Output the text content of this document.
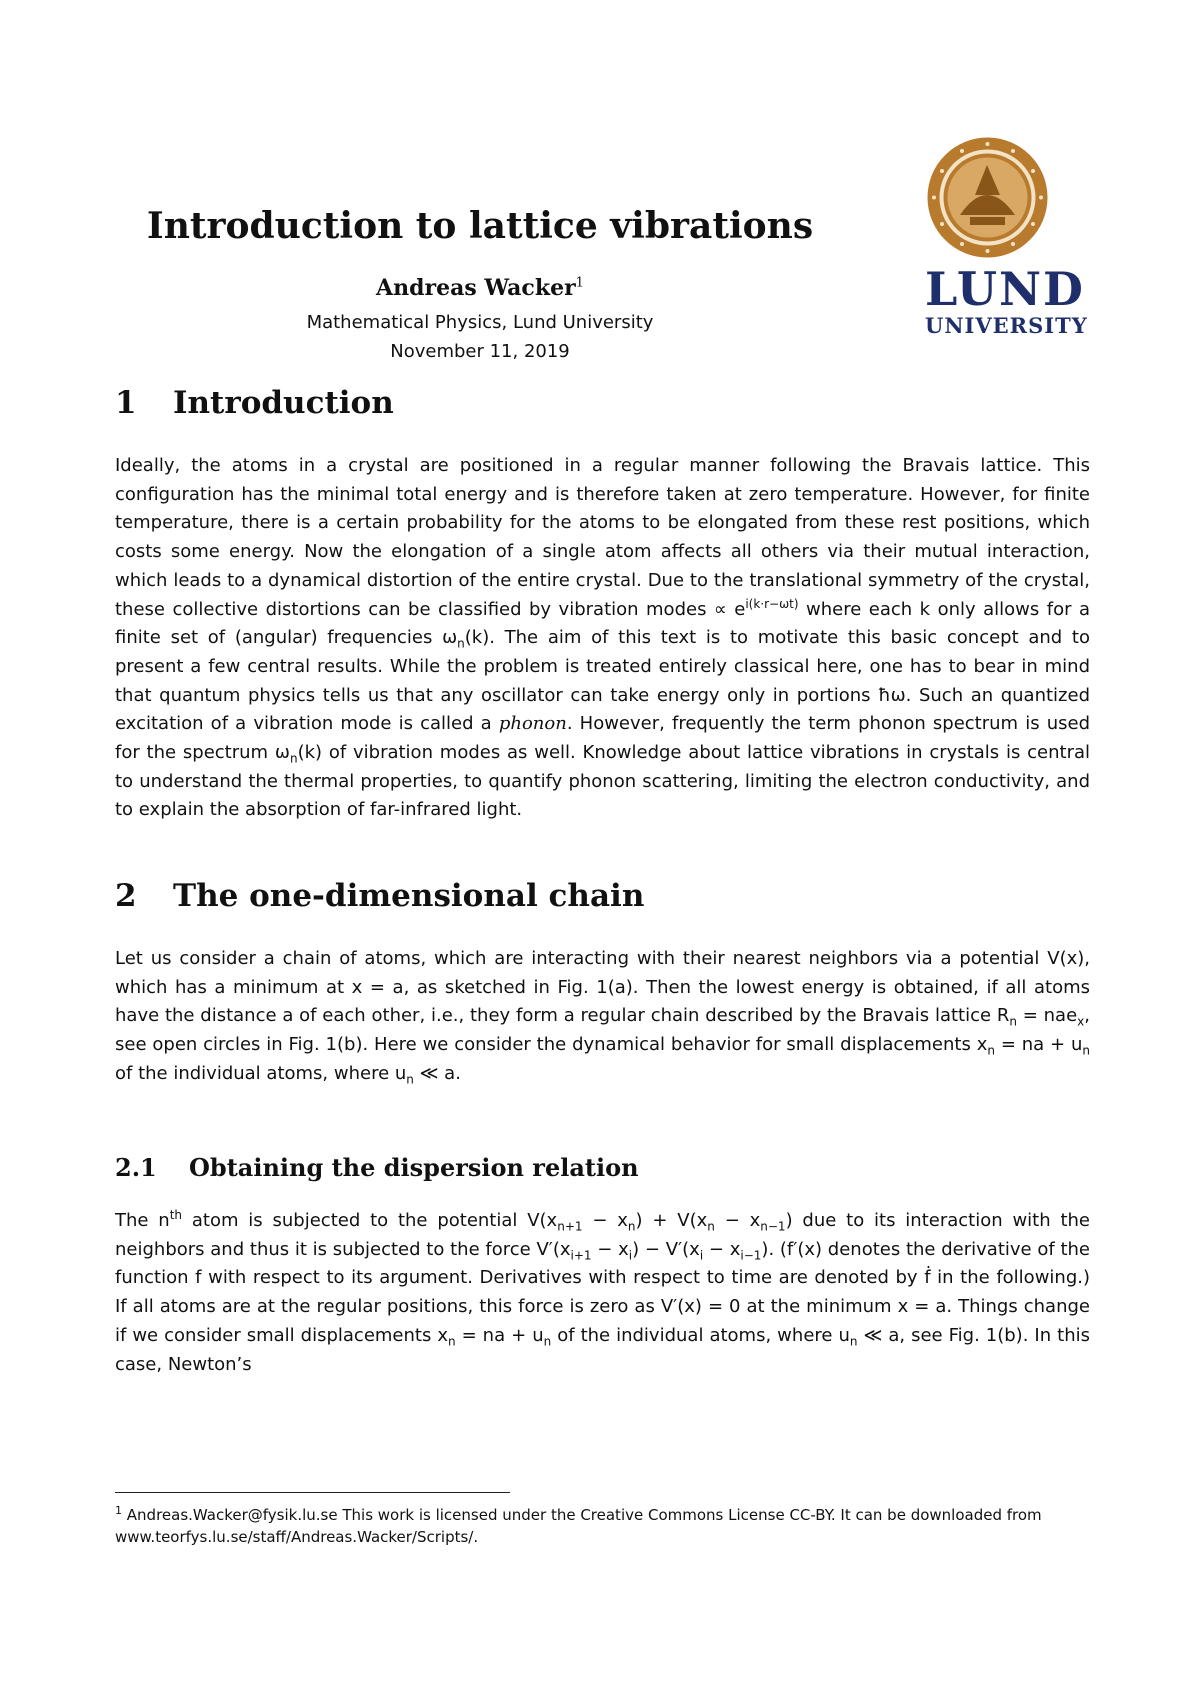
LUND
UNIVERSITY
Introduction to lattice vibrations
Andreas Wacker$^1$
Mathematical Physics, Lund University
November 11, 2019
1 Introduction

Ideally, the atoms in a crystal are positioned in a regular manner following the Bravais lattice. This configuration has the minimal total energy and is therefore taken at zero temperature. However, for finite temperature, there is a certain probability for the atoms to be elongated from these rest positions, which costs some energy. Now the elongation of a single atom affects all others via their mutual interaction, which leads to a dynamical distortion of the entire crystal. Due to the translational symmetry of the crystal, these collective distortions can be classified by vibration modes ∝ $e^{i(k\cdot r-\omega t)}$ where each k only allows for a finite set of (angular) frequencies $\omega_n(k)$. The aim of this text is to motivate this basic concept and to present a few central results. While the problem is treated entirely classical here, one has to bear in mind that quantum physics tells us that any oscillator can take energy only in portions ħω. Such an quantized excitation of a vibration mode is called a phonon. However, frequently the term phonon spectrum is used for the spectrum $\omega_n(k)$ of vibration modes as well. Knowledge about lattice vibrations in crystals is central to understand the thermal properties, to quantify phonon scattering, limiting the electron conductivity, and to explain the absorption of far-infrared light.

2 The one-dimensional chain

Let us consider a chain of atoms, which are interacting with their nearest neighbors via a potential V(x), which has a minimum at x = a, as sketched in Fig. 1(a). Then the lowest energy is obtained, if all atoms have the distance a of each other, i.e., they form a regular chain described by the Bravais lattice $R_n = nae_x$, see open circles in Fig. 1(b). Here we consider the dynamical behavior for small displacements $x_n$ = na + $u_n$ of the individual atoms, where $u_n$ ≪ a.

2.1 Obtaining the dispersion relation

The $n^{th}$ atom is subjected to the potential $V(x_{n+1} - x_n) + V(x_n - x_{n-1})$ due to its interaction with the neighbors and thus it is subjected to the force $V'(x_{i+1} - x_i) - V'(x_i - x_{i-1})$. (f′(x) denotes the derivative of the function f with respect to its argument. Derivatives with respect to time are denoted by ḟ in the following.) If all atoms are at the regular positions, this force is zero as V′(x) = 0 at the minimum x = a. Things change if we consider small displacements $x_n$ = na + $u_n$ of the individual atoms, where $u_n$ ≪ a, see Fig. 1(b). In this case, Newton’s

$^1$ Andreas.Wacker@fysik.lu.se This work is licensed under the Creative Commons License CC-BY. It can be downloaded from www.teorfys.lu.se/staff/Andreas.Wacker/Scripts/.
